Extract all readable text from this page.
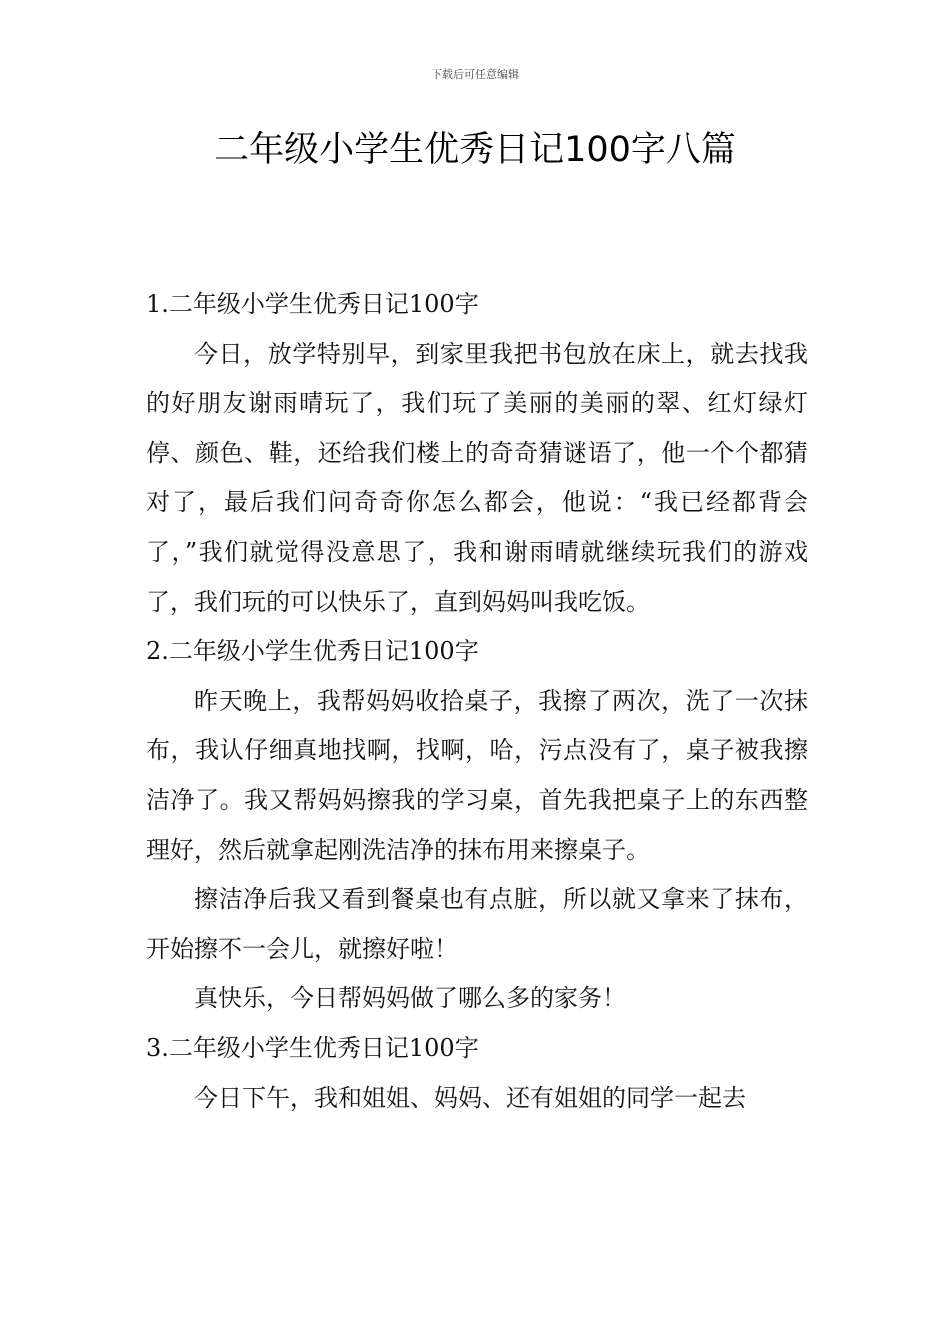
下载后可任意编辑
二年级小学生优秀日记100字八篇
1.二年级小学生优秀日记100字

今日，放学特别早，到家里我把书包放在床上，就去找我的好朋友谢雨晴玩了，我们玩了美丽的美丽的翠、红灯绿灯停、颜色、鞋，还给我们楼上的奇奇猜谜语了，他一个个都猜对了，最后我们问奇奇你怎么都会，他说：“我已经都背会了，”我们就觉得没意思了，我和谢雨晴就继续玩我们的游戏了，我们玩的可以快乐了，直到妈妈叫我吃饭。

2.二年级小学生优秀日记100字

昨天晚上，我帮妈妈收拾桌子，我擦了两次，洗了一次抹布，我认仔细真地找啊，找啊，哈，污点没有了，桌子被我擦洁净了。我又帮妈妈擦我的学习桌，首先我把桌子上的东西整理好，然后就拿起刚洗洁净的抹布用来擦桌子。

擦洁净后我又看到餐桌也有点脏，所以就又拿来了抹布，开始擦不一会儿，就擦好啦！

真快乐，今日帮妈妈做了哪么多的家务！

3.二年级小学生优秀日记100字

今日下午，我和姐姐、妈妈、还有姐姐的同学一起去
